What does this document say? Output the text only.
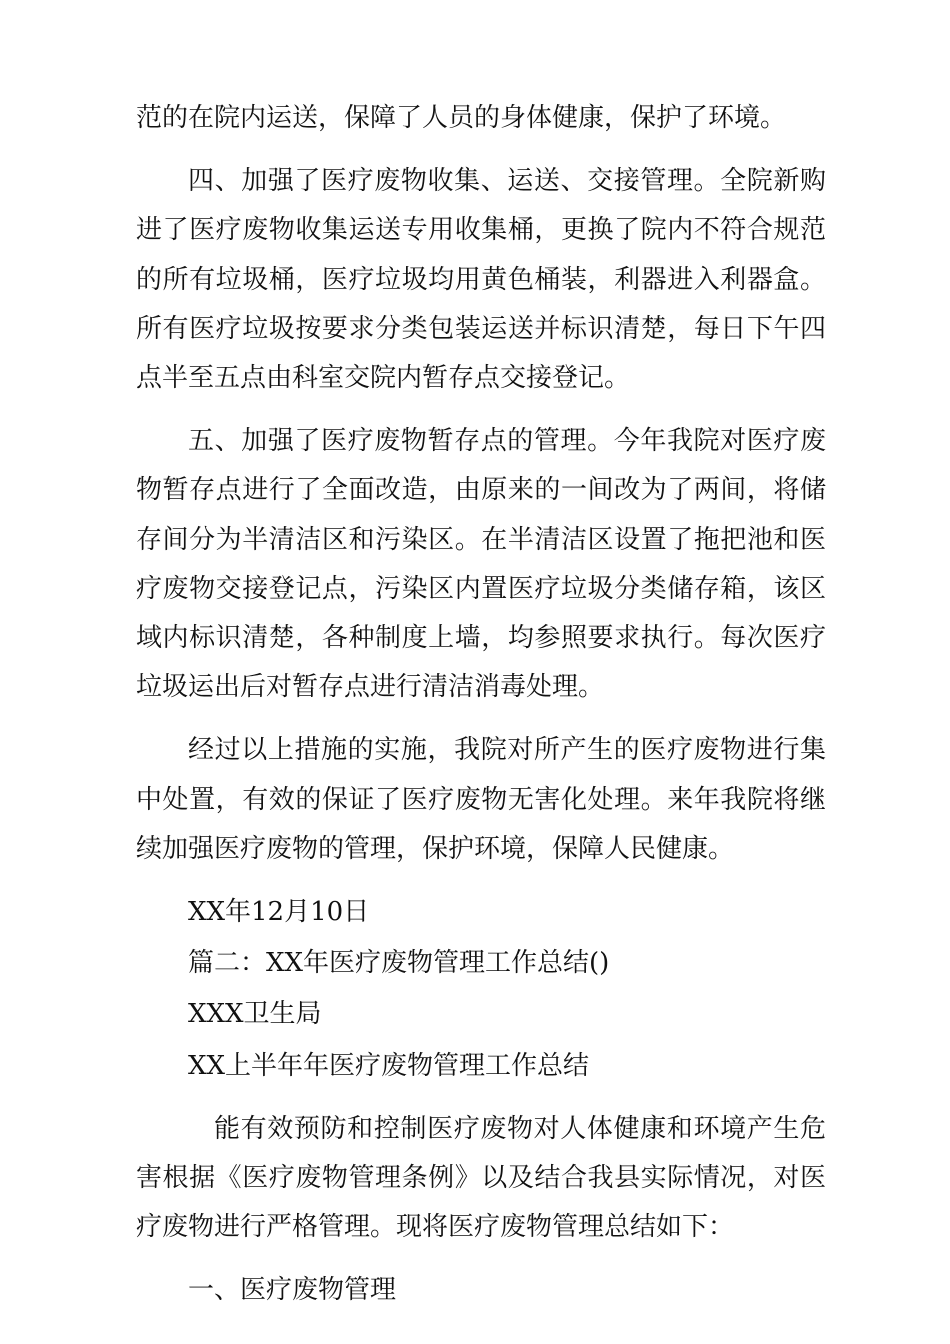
范的在院内运送，保障了人员的身体健康，保护了环境。

四、加强了医疗废物收集、运送、交接管理。全院新购进了医疗废物收集运送专用收集桶，更换了院内不符合规范的所有垃圾桶，医疗垃圾均用黄色桶装，利器进入利器盒。所有医疗垃圾按要求分类包装运送并标识清楚，每日下午四点半至五点由科室交院内暂存点交接登记。

五、加强了医疗废物暂存点的管理。今年我院对医疗废物暂存点进行了全面改造，由原来的一间改为了两间，将储存间分为半清洁区和污染区。在半清洁区设置了拖把池和医疗废物交接登记点，污染区内置医疗垃圾分类储存箱，该区域内标识清楚，各种制度上墙，均参照要求执行。每次医疗垃圾运出后对暂存点进行清洁消毒处理。

经过以上措施的实施，我院对所产生的医疗废物进行集中处置，有效的保证了医疗废物无害化处理。来年我院将继续加强医疗废物的管理，保护环境，保障人民健康。

XX年12月10日

篇二：XX年医疗废物管理工作总结()

XXX卫生局

XX上半年年医疗废物管理工作总结

能有效预防和控制医疗废物对人体健康和环境产生危害根据《医疗废物管理条例》以及结合我县实际情况，对医疗废物进行严格管理。现将医疗废物管理总结如下：

一、医疗废物管理
